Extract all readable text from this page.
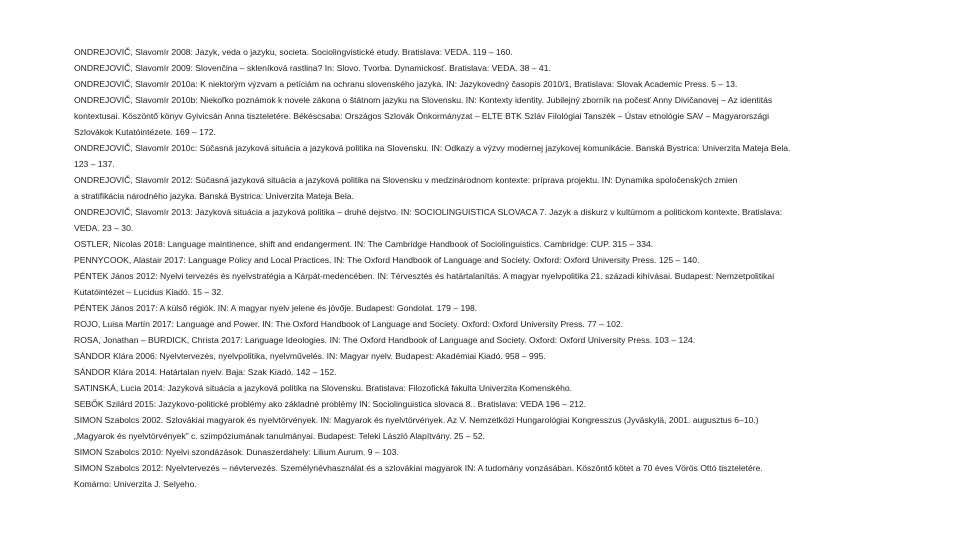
ONDREJOVIČ, Slavomír 2008: Jazyk, veda o jazyku, societa. Sociolingvistické etudy. Bratislava: VEDA. 119 – 160.

ONDREJOVIČ, Slavomír 2009: Slovenčina – skleníková rastlina? In: Slovo. Tvorba. Dynamickosť. Bratislava: VEDA. 38 – 41.

ONDREJOVIČ, Slavomír 2010a: K niektorým výzvam a petíciám na ochranu slovenského jazyka. IN: Jazykovedný časopis 2010/1, Bratislava: Slovak Academic Press. 5 – 13.

ONDREJOVIČ, Slavomír 2010b: Niekoľko poznámok k novele zákona o štátnom jazyku na Slovensku. IN: Kontexty identity. Jubilejný zborník na počesť Anny Divičanovej – Az identitás
kontextusai. Köszöntő könyv Gyivicsán Anna tiszteletére. Békéscsaba: Országos Szlovák Önkormányzat – ELTE BTK Szláv Filológiai Tanszék – Ústav etnológie SAV – Magyarországi
Szlovákok Kutatóintézete. 169 – 172.

ONDREJOVIČ, Slavomír 2010c: Súčasná jazyková situácia a jazyková politika na Slovensku. IN: Odkazy a výzvy modernej jazykovej komunikácie. Banská Bystrica: Univerzita Mateja Bela.
123 – 137.

ONDREJOVIČ, Slavomír 2012: Súčasná jazyková situácia a jazyková politika na Slovensku v medzinárodnom kontexte: príprava projektu. IN: Dynamika spoločenských zmien
a stratifikácia národného jazyka. Banská Bystrica: Univerzita Mateja Bela.

ONDREJOVIČ, Slavomír 2013: Jazyková situácia a jazyková politika – druhé dejstvo. IN: SOCIOLINGUISTICA SLOVACA 7. Jazyk a diskurz v kultúrnom a politickom kontexte. Bratislava:
VEDA. 23 – 30.

OSTLER, Nicolas 2018: Language maintinence, shift and endangerment. IN: The Cambridge Handbook of Sociolinguistics. Cambridge: CUP. 315 – 334.

PENNYCOOK, Alastair 2017: Language Policy and Local Practices. IN: The Oxford Handbook of Language and Society. Oxford: Oxford University Press. 125 – 140.

PÉNTEK János 2012: Nyelvi tervezés és nyelvstratégia a Kárpát-medencében. IN: Térvesztés és határtalanítás. A magyar nyelvpolitika 21. századi kihívásai. Budapest: Nemzetpolitikai
Kutatóintézet – Lucidus Kiadó. 15 – 32.

PÉNTEK János 2017: A külső régiók. IN: A magyar nyelv jelene és jövője. Budapest: Gondolat. 179 – 198.

ROJO, Luisa Martín 2017: Language and Power. IN: The Oxford Handbook of Language and Society. Oxford: Oxford University Press. 77 – 102.

ROSA, Jonathan – BURDICK, Christa 2017: Language Ideologies. IN: The Oxford Handbook of Language and Society. Oxford: Oxford University Press. 103 – 124.

SÁNDOR Klára 2006: Nyelvtervezés, nyelvpolitika, nyelvművelés. IN: Magyar nyelv. Budapest: Akadémiai Kiadó. 958 – 995.

SÁNDOR Klára 2014. Határtalan nyelv. Baja: Szak Kiadó. 142 – 152.

SATINSKÁ, Lucia 2014: Jazyková situácia a jazyková politika na Slovensku. Bratislava: Filozofická fakulta Univerzita Komenského.

SEBŐK Szilárd 2015: Jazykovo-politické problémy ako základné problémy IN: Sociolinguistica slovaca 8.. Bratislava: VEDA 196 – 212.

SIMON Szabolcs 2002. Szlovákiai magyarok és nyelvtörvények. IN: Magyarok és nyelvtörvények. Az V. Nemzetközi Hungarológiai Kongresszus (Jyväskylä, 2001. augusztus 6–10.)
„Magyarok és nyelvtörvények” c. szimpóziumának tanulmányai. Budapest: Teleki László Alapítvány. 25 – 52.

SIMON Szabolcs 2010: Nyelvi szondázások. Dunaszerdahely: Lilium Aurum. 9 – 103.

SIMON Szabolcs 2012: Nyelvtervezés – névtervezés. Személynévhasználat és a szlovákiai magyarok IN: A tudomány vonzásában. Köszöntő kötet a 70 éves Vörös Ottó tiszteletére.
Komárno: Univerzita J. Selyeho.
